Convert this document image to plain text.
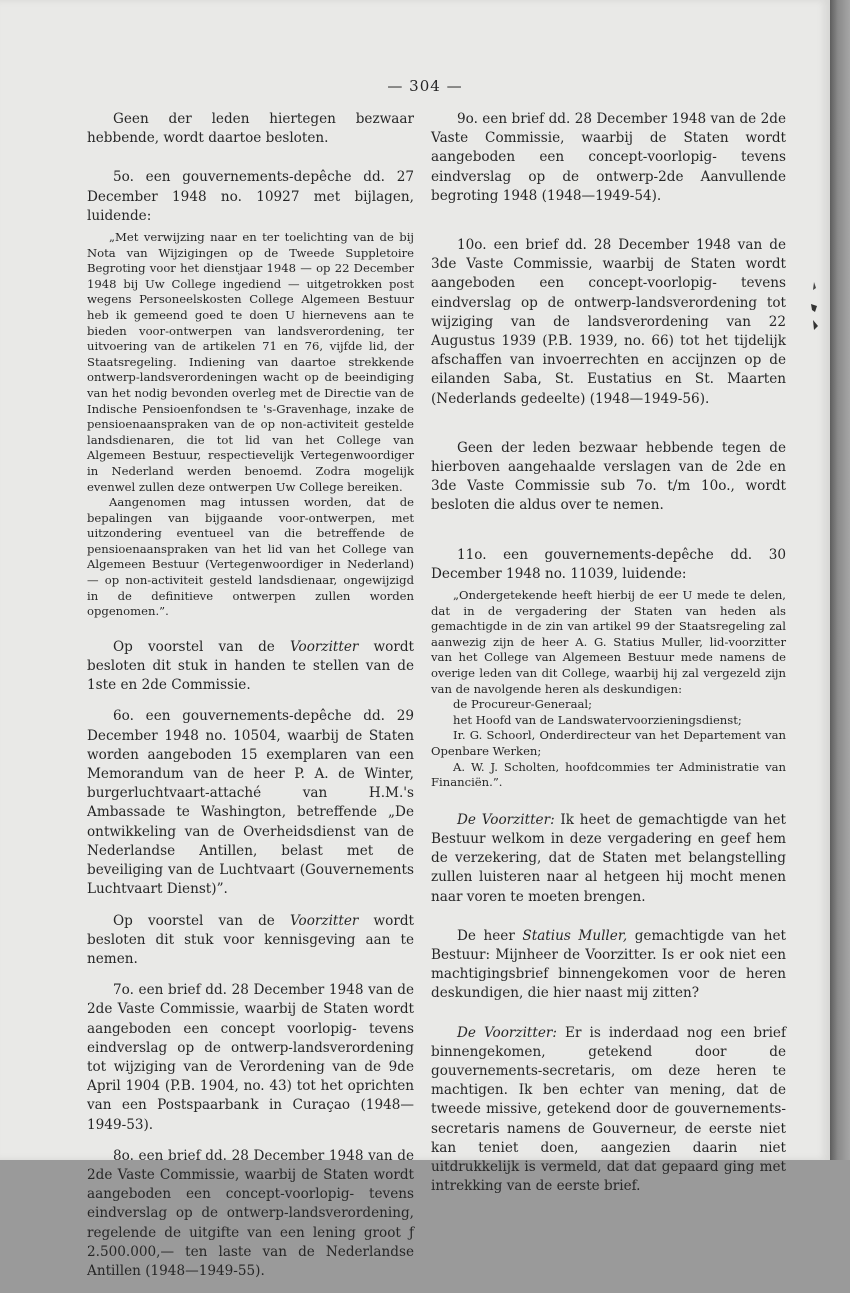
— 304 —

Geen der leden hiertegen bezwaar hebbende, wordt daartoe besloten.

5o. een gouvernements-depêche dd. 27 December 1948 no. 10927 met bijlagen, luidende:

„Met verwijzing naar en ter toelichting van de bij Nota van Wijzigingen op de Tweede Suppletoire Begroting voor het dienstjaar 1948 — op 22 December 1948 bij Uw College ingediend — uitgetrokken post wegens Personeelskosten College Algemeen Bestuur heb ik gemeend goed te doen U hiernevens aan te bieden voor-ontwerpen van landsverordening, ter uitvoering van de artikelen 71 en 76, vijfde lid, der Staatsregeling. Indiening van daartoe strekkende ontwerp-landsverordeningen wacht op de beeindiging van het nodig bevonden overleg met de Directie van de Indische Pensioenfondsen te 's-Gravenhage, inzake de pensioenaanspraken van de op non-activiteit gestelde landsdienaren, die tot lid van het College van Algemeen Bestuur, respectievelijk Vertegenwoordiger in Nederland werden benoemd. Zodra mogelijk evenwel zullen deze ontwerpen Uw College bereiken.

Aangenomen mag intussen worden, dat de bepalingen van bijgaande voor-ontwerpen, met uitzondering eventueel van die betreffende de pensioenaanspraken van het lid van het College van Algemeen Bestuur (Vertegenwoordiger in Nederland) — op non-activiteit gesteld landsdienaar, ongewijzigd in de definitieve ontwerpen zullen worden opgenomen.”.

Op voorstel van de Voorzitter wordt besloten dit stuk in handen te stellen van de 1ste en 2de Commissie.

6o. een gouvernements-depêche dd. 29 December 1948 no. 10504, waarbij de Staten worden aangeboden 15 exemplaren van een Memorandum van de heer P. A. de Winter, burgerluchtvaart-attaché van H.M.'s Ambassade te Washington, betreffende „De ontwikkeling van de Overheidsdienst van de Nederlandse Antillen, belast met de beveiliging van de Luchtvaart (Gouvernements Luchtvaart Dienst)”.

Op voorstel van de Voorzitter wordt besloten dit stuk voor kennisgeving aan te nemen.

7o. een brief dd. 28 December 1948 van de 2de Vaste Commissie, waarbij de Staten wordt aangeboden een concept voorlopig- tevens eindverslag op de ontwerp-landsverordening tot wijziging van de Verordening van de 9de April 1904 (P.B. 1904, no. 43) tot het oprichten van een Postspaarbank in Curaçao (1948—1949-53).

8o. een brief dd. 28 December 1948 van de 2de Vaste Commissie, waarbij de Staten wordt aangeboden een concept-voorlopig- tevens eindverslag op de ontwerp-landsverordening, regelende de uitgifte van een lening groot ƒ 2.500.000,— ten laste van de Nederlandse Antillen (1948—1949-55).

9o. een brief dd. 28 December 1948 van de 2de Vaste Commissie, waarbij de Staten wordt aangeboden een concept-voorlopig- tevens eindverslag op de ontwerp-2de Aanvullende begroting 1948 (1948—1949-54).

10o. een brief dd. 28 December 1948 van de 3de Vaste Commissie, waarbij de Staten wordt aangeboden een concept-voorlopig- tevens eindverslag op de ontwerp-landsverordening tot wijziging van de landsverordening van 22 Augustus 1939 (P.B. 1939, no. 66) tot het tijdelijk afschaffen van invoerrechten en accijnzen op de eilanden Saba, St. Eustatius en St. Maarten (Nederlands gedeelte) (1948—1949-56).

Geen der leden bezwaar hebbende tegen de hierboven aangehaalde verslagen van de 2de en 3de Vaste Commissie sub 7o. t/m 10o., wordt besloten die aldus over te nemen.

11o. een gouvernements-depêche dd. 30 December 1948 no. 11039, luidende:

„Ondergetekende heeft hierbij de eer U mede te delen, dat in de vergadering der Staten van heden als gemachtigde in de zin van artikel 99 der Staatsregeling zal aanwezig zijn de heer A. G. Statius Muller, lid-voorzitter van het College van Algemeen Bestuur mede namens de overige leden van dit College, waarbij hij zal vergezeld zijn van de navolgende heren als deskundigen:

de Procureur-Generaal;

het Hoofd van de Landswatervoorzieningsdienst;

Ir. G. Schoorl, Onderdirecteur van het Departement van Openbare Werken;

A. W. J. Scholten, hoofdcommies ter Administratie van Financiën.”.

De Voorzitter: Ik heet de gemachtigde van het Bestuur welkom in deze vergadering en geef hem de verzekering, dat de Staten met belangstelling zullen luisteren naar al hetgeen hij mocht menen naar voren te moeten brengen.

De heer Statius Muller, gemachtigde van het Bestuur: Mijnheer de Voorzitter. Is er ook niet een machtigingsbrief binnengekomen voor de heren deskundigen, die hier naast mij zitten?

De Voorzitter: Er is inderdaad nog een brief binnengekomen, getekend door de gouvernements-secretaris, om deze heren te machtigen. Ik ben echter van mening, dat de tweede missive, getekend door de gouvernements-secretaris namens de Gouverneur, de eerste niet kan teniet doen, aangezien daarin niet uitdrukkelijk is vermeld, dat dat gepaard ging met intrekking van de eerste brief.
